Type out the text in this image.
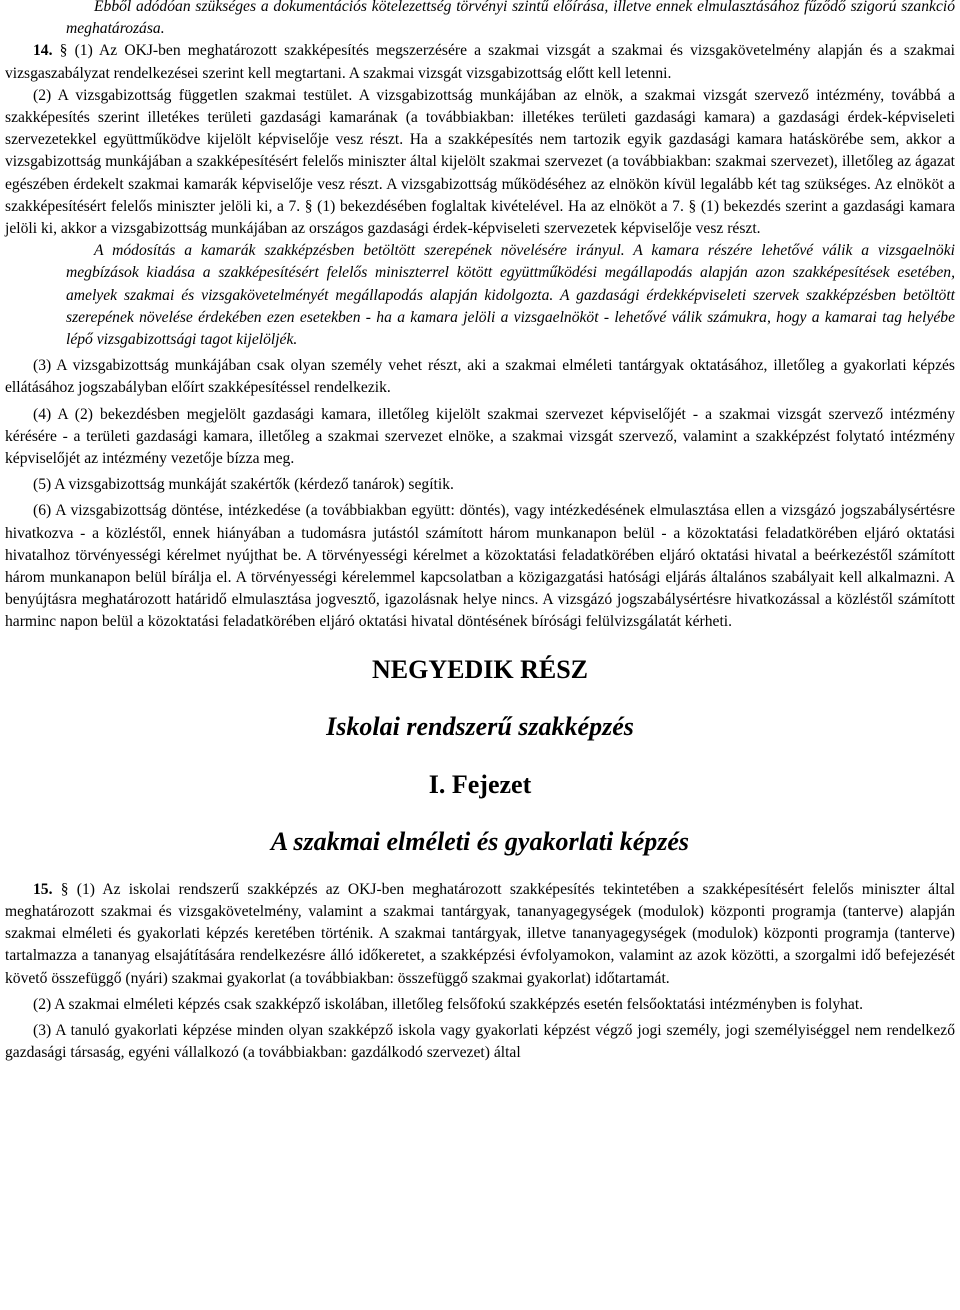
Ebből adódóan szükséges a dokumentációs kötelezettség törvényi szintű előírása, illetve ennek elmulasztásához fűződő szigorú szankció meghatározása.

14. § (1) Az OKJ-ben meghatározott szakképesítés megszerzésére a szakmai vizsgát a szakmai és vizsgakövetelmény alapján és a szakmai vizsgaszabályzat rendelkezései szerint kell megtartani. A szakmai vizsgát vizsgabizottság előtt kell letenni.

(2) A vizsgabizottság független szakmai testület. A vizsgabizottság munkájában az elnök, a szakmai vizsgát szervező intézmény, továbbá a szakképesítés szerint illetékes területi gazdasági kamarának (a továbbiakban: illetékes területi gazdasági kamara) a gazdasági érdek-képviseleti szervezetekkel együttműködve kijelölt képviselője vesz részt. Ha a szakképesítés nem tartozik egyik gazdasági kamara hatáskörébe sem, akkor a vizsgabizottság munkájában a szakképesítésért felelős miniszter által kijelölt szakmai szervezet (a továbbiakban: szakmai szervezet), illetőleg az ágazat egészében érdekelt szakmai kamarák képviselője vesz részt. A vizsgabizottság működéséhez az elnökön kívül legalább két tag szükséges. Az elnököt a szakképesítésért felelős miniszter jelöli ki, a 7. § (1) bekezdésében foglaltak kivételével. Ha az elnököt a 7. § (1) bekezdés szerint a gazdasági kamara jelöli ki, akkor a vizsgabizottság munkájában az országos gazdasági érdek-képviseleti szervezetek képviselője vesz részt.

A módosítás a kamarák szakképzésben betöltött szerepének növelésére irányul. A kamara részére lehetővé válik a vizsgaelnöki megbízások kiadása a szakképesítésért felelős miniszterrel kötött együttműködési megállapodás alapján azon szakképesítések esetében, amelyek szakmai és vizsgakövetelményét megállapodás alapján kidolgozta. A gazdasági érdekképviseleti szervek szakképzésben betöltött szerepének növelése érdekében ezen esetekben - ha a kamara jelöli a vizsgaelnököt - lehetővé válik számukra, hogy a kamarai tag helyébe lépő vizsgabizottsági tagot kijelöljék.

(3) A vizsgabizottság munkájában csak olyan személy vehet részt, aki a szakmai elméleti tantárgyak oktatásához, illetőleg a gyakorlati képzés ellátásához jogszabályban előírt szakképesítéssel rendelkezik.

(4) A (2) bekezdésben megjelölt gazdasági kamara, illetőleg kijelölt szakmai szervezet képviselőjét - a szakmai vizsgát szervező intézmény kérésére - a területi gazdasági kamara, illetőleg a szakmai szervezet elnöke, a szakmai vizsgát szervező, valamint a szakképzést folytató intézmény képviselőjét az intézmény vezetője bízza meg.

(5) A vizsgabizottság munkáját szakértők (kérdező tanárok) segítik.

(6) A vizsgabizottság döntése, intézkedése (a továbbiakban együtt: döntés), vagy intézkedésének elmulasztása ellen a vizsgázó jogszabálysértésre hivatkozva - a közléstől, ennek hiányában a tudomásra jutástól számított három munkanapon belül - a közoktatási feladatkörében eljáró oktatási hivatalhoz törvényességi kérelmet nyújthat be. A törvényességi kérelmet a közoktatási feladatkörében eljáró oktatási hivatal a beérkezéstől számított három munkanapon belül bírálja el. A törvényességi kérelemmel kapcsolatban a közigazgatási hatósági eljárás általános szabályait kell alkalmazni. A benyújtásra meghatározott határidő elmulasztása jogvesztő, igazolásnak helye nincs. A vizsgázó jogszabálysértésre hivatkozással a közléstől számított harminc napon belül a közoktatási feladatkörében eljáró oktatási hivatal döntésének bírósági felülvizsgálatát kérheti.

NEGYEDIK RÉSZ
Iskolai rendszerű szakképzés
I. Fejezet
A szakmai elméleti és gyakorlati képzés

15. § (1) Az iskolai rendszerű szakképzés az OKJ-ben meghatározott szakképesítés tekintetében a szakképesítésért felelős miniszter által meghatározott szakmai és vizsgakövetelmény, valamint a szakmai tantárgyak, tananyagegységek (modulok) központi programja (tanterve) alapján szakmai elméleti és gyakorlati képzés keretében történik. A szakmai tantárgyak, illetve tananyagegységek (modulok) központi programja (tanterve) tartalmazza a tananyag elsajátítására rendelkezésre álló időkeretet, a szakképzési évfolyamokon, valamint az azok közötti, a szorgalmi idő befejezését követő összefüggő (nyári) szakmai gyakorlat (a továbbiakban: összefüggő szakmai gyakorlat) időtartamát.

(2) A szakmai elméleti képzés csak szakképző iskolában, illetőleg felsőfokú szakképzés esetén felsőoktatási intézményben is folyhat.

(3) A tanuló gyakorlati képzése minden olyan szakképző iskola vagy gyakorlati képzést végző jogi személy, jogi személyiséggel nem rendelkező gazdasági társaság, egyéni vállalkozó (a továbbiakban: gazdálkodó szervezet) által
